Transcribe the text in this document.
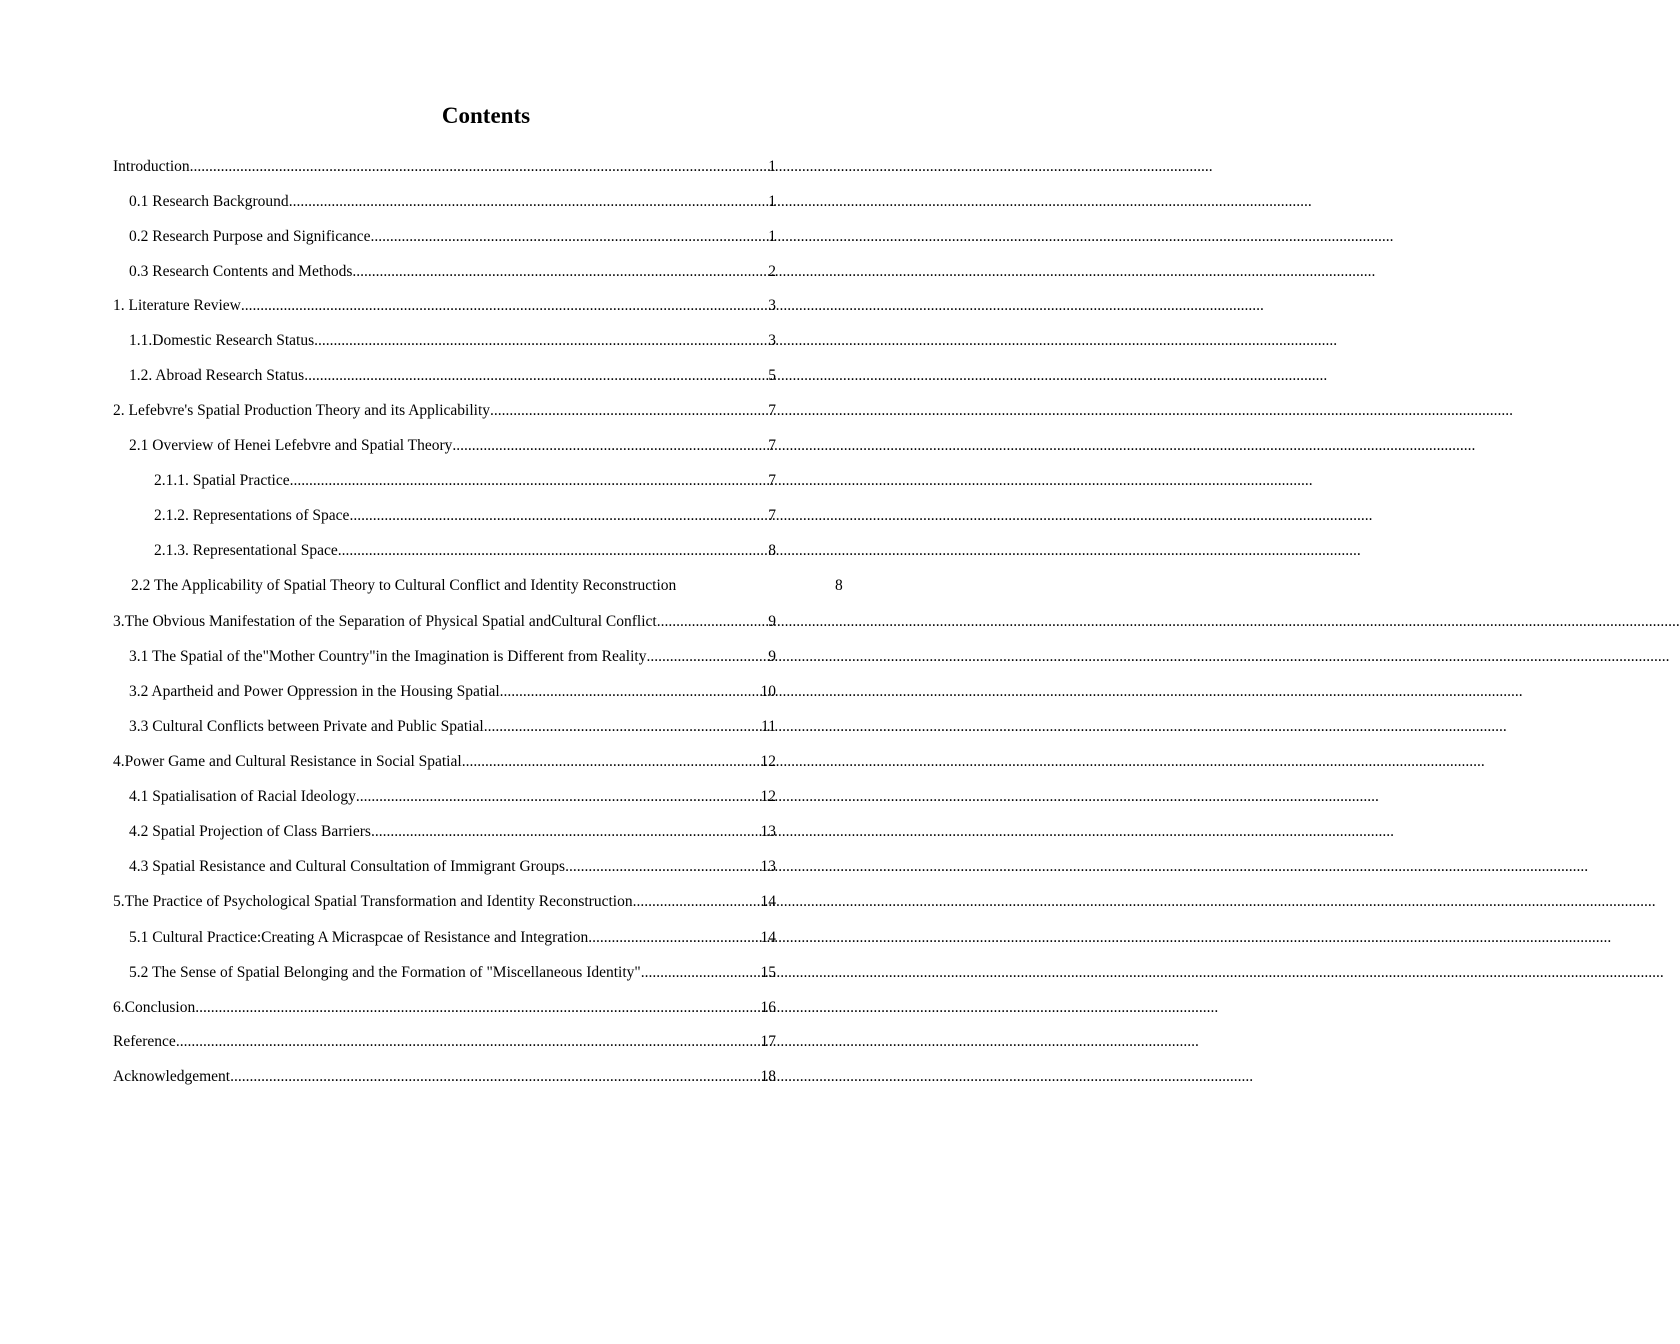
Contents
Introduction .....	1
0.1 Research Background .....	1
0.2 Research Purpose and Significance .....	1
0.3 Research Contents and Methods .....	2
1. Literature Review .....	3
1.1.Domestic Research Status .....	3
1.2. Abroad Research Status .....	5
2. Lefebvre's Spatial Production Theory and its Applicability .....	7
2.1 Overview of Henei Lefebvre and Spatial Theory .....	7
2.1.1. Spatial Practice .....	7
2.1.2. Representations of Space .....	7
2.1.3. Representational Space .....	8
2.2 The Applicability of Spatial Theory to Cultural Conflict and Identity Reconstruction	8
3.The Obvious Manifestation of the Separation of Physical Spatial andCultural Conflict .....	9
3.1 The Spatial of the"Mother Country"in the Imagination is Different from Reality .....	9
3.2 Apartheid and Power Oppression in the Housing Spatial .....	10
3.3 Cultural Conflicts between Private and Public Spatial .....	11
4.Power Game and Cultural Resistance in Social Spatial .....	12
4.1 Spatialisation of Racial Ideology .....	12
4.2 Spatial Projection of Class Barriers .....	13
4.3 Spatial Resistance and Cultural Consultation of Immigrant Groups .....	13
5.The Practice of Psychological Spatial Transformation and Identity Reconstruction .....	14
5.1 Cultural Practice:Creating A Micraspcae of Resistance and Integration .....	14
5.2 The Sense of Spatial Belonging and the Formation of "Miscellaneous Identity" .....	15
6.Conclusion .....	16
Reference .....	17
Acknowledgement .....	18
